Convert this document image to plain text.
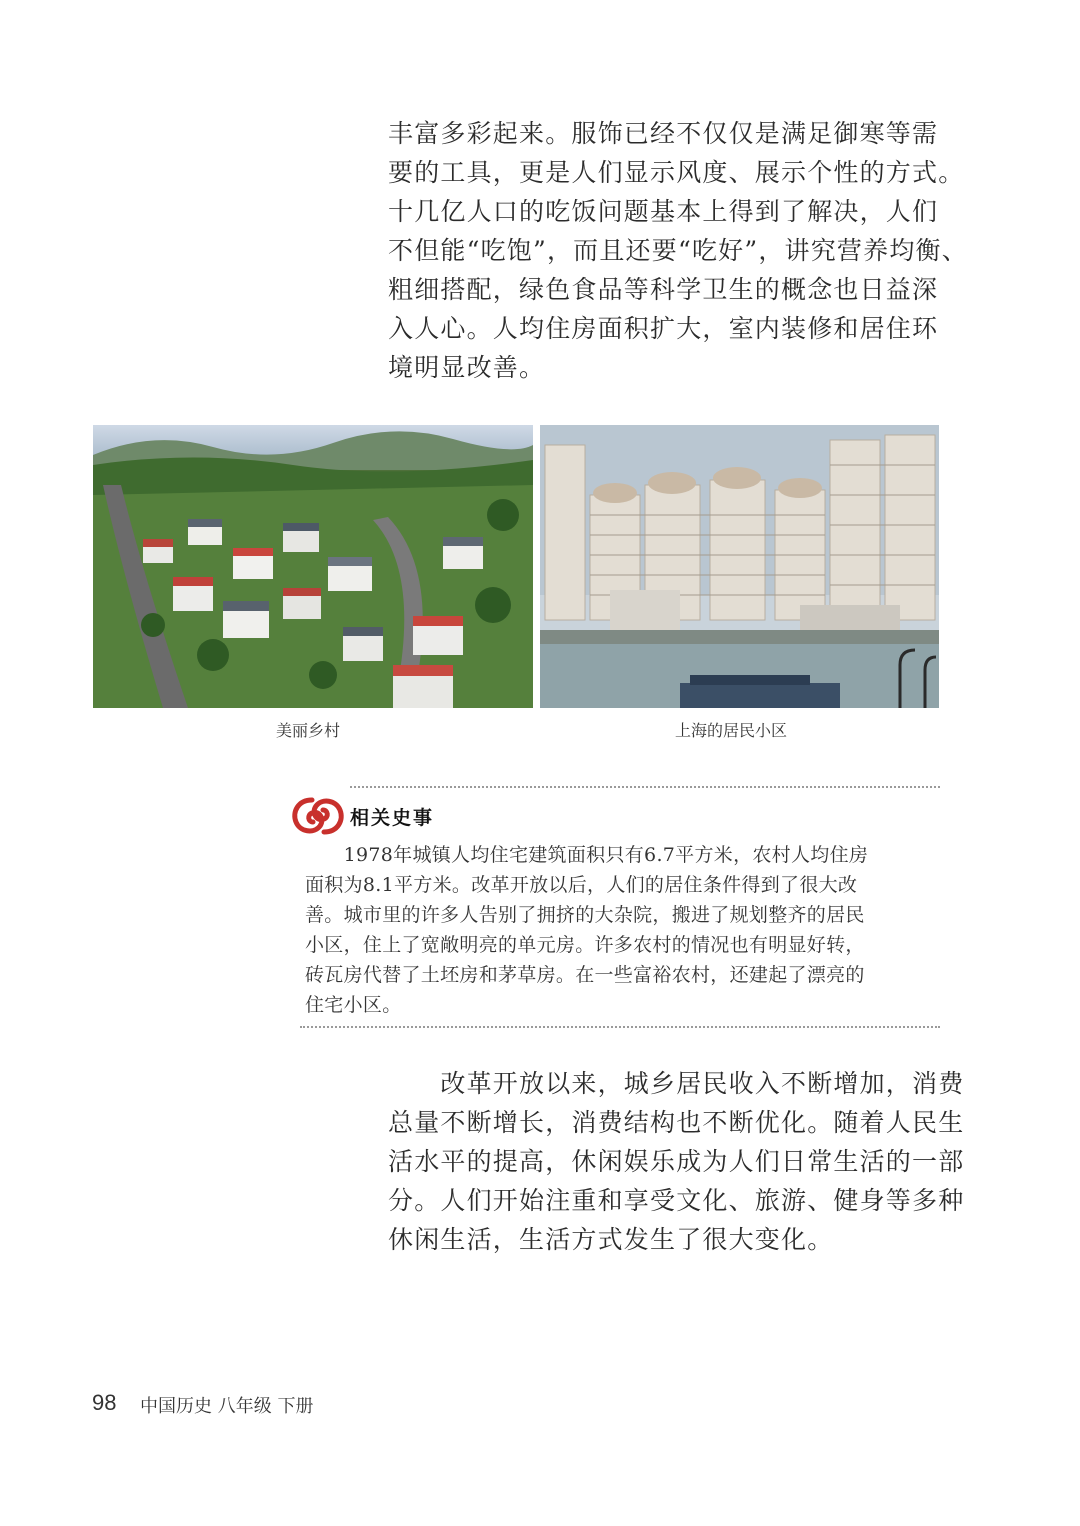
丰富多彩起来。服饰已经不仅仅是满足御寒等需
要的工具，更是人们显示风度、展示个性的方式。
十几亿人口的吃饭问题基本上得到了解决，人们
不但能“吃饱”，而且还要“吃好”，讲究营养均衡、
粗细搭配，绿色食品等科学卫生的概念也日益深
入人心。人均住房面积扩大，室内装修和居住环
境明显改善。

美丽乡村	上海的居民小区
相关史事

　　1978年城镇人均住宅建筑面积只有6.7平方米，农村人均住房
面积为8.1平方米。改革开放以后，人们的居住条件得到了很大改
善。城市里的许多人告别了拥挤的大杂院，搬进了规划整齐的居民
小区，住上了宽敞明亮的单元房。许多农村的情况也有明显好转，
砖瓦房代替了土坯房和茅草房。在一些富裕农村，还建起了漂亮的
住宅小区。

　　改革开放以来，城乡居民收入不断增加，消费
总量不断增长，消费结构也不断优化。随着人民生
活水平的提高，休闲娱乐成为人们日常生活的一部
分。人们开始注重和享受文化、旅游、健身等多种
休闲生活，生活方式发生了很大变化。

98 中国历史 八年级 下册
